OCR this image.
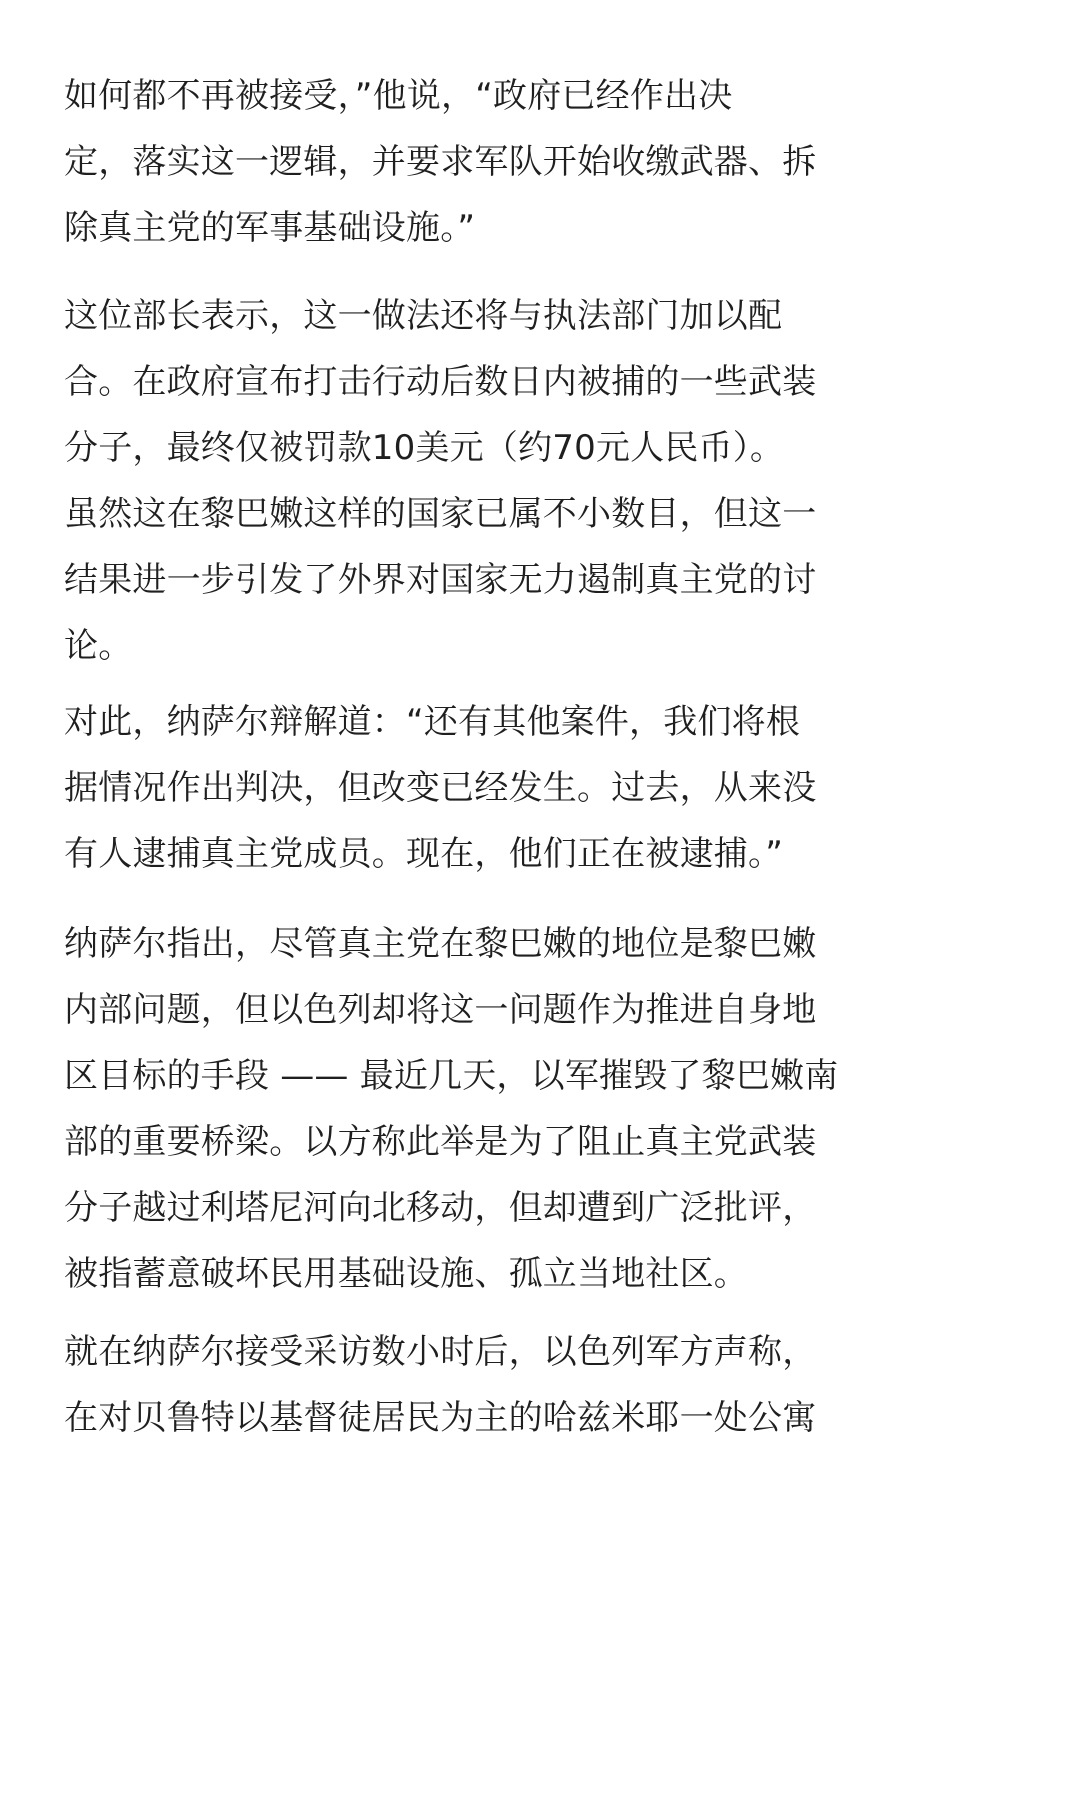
如何都不再被接受，”他说，“政府已经作出决
定，落实这一逻辑，并要求军队开始收缴武器、拆
除真主党的军事基础设施。”

这位部长表示，这一做法还将与执法部门加以配
合。在政府宣布打击行动后数日内被捕的一些武装
分子，最终仅被罚款10美元（约70元人民币）。
虽然这在黎巴嫩这样的国家已属不小数目，但这一
结果进一步引发了外界对国家无力遏制真主党的讨
论。

对此，纳萨尔辩解道：“还有其他案件，我们将根
据情况作出判决，但改变已经发生。过去，从来没
有人逮捕真主党成员。现在，他们正在被逮捕。”

纳萨尔指出，尽管真主党在黎巴嫩的地位是黎巴嫩
内部问题，但以色列却将这一问题作为推进自身地
区目标的手段 —— 最近几天，以军摧毁了黎巴嫩南
部的重要桥梁。以方称此举是为了阻止真主党武装
分子越过利塔尼河向北移动，但却遭到广泛批评，
被指蓄意破坏民用基础设施、孤立当地社区。

就在纳萨尔接受采访数小时后，以色列军方声称，
在对贝鲁特以基督徒居民为主的哈兹米耶一处公寓
